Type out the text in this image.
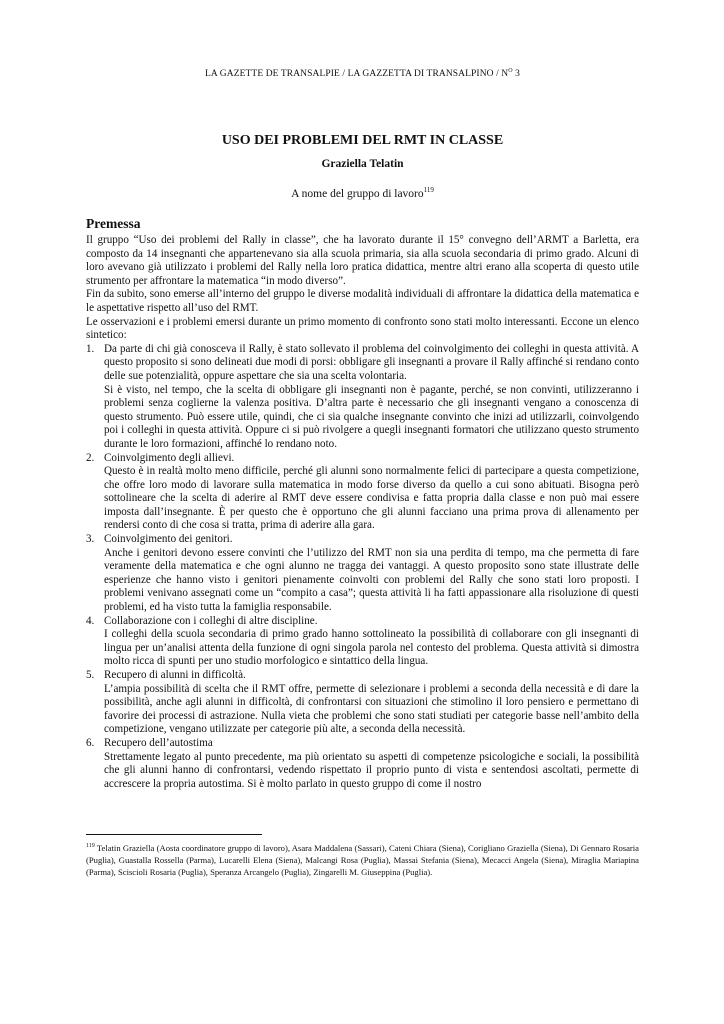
LA GAZETTE DE TRANSALPIE / LA GAZZETTA DI TRANSALPINO / $N^O$ 3
USO DEI PROBLEMI DEL RMT IN CLASSE
Graziella Telatin
A nome del gruppo di lavoro$^{119}$
Premessa

Il gruppo “Uso dei problemi del Rally in classe”, che ha lavorato durante il 15° convegno dell’ARMT a Barletta, era composto da 14 insegnanti che appartenevano sia alla scuola primaria, sia alla scuola secondaria di primo grado. Alcuni di loro avevano già utilizzato i problemi del Rally nella loro pratica didattica, mentre altri erano alla scoperta di questo utile strumento per affrontare la matematica “in modo diverso”.

Fin da subito, sono emerse all’interno del gruppo le diverse modalità individuali di affrontare la didattica della matematica e le aspettative rispetto all’uso del RMT.

Le osservazioni e i problemi emersi durante un primo momento di confronto sono stati molto interessanti. Eccone un elenco sintetico:

1. Da parte di chi già conosceva il Rally, è stato sollevato il problema del coinvolgimento dei colleghi in questa attività. A questo proposito si sono delineati due modi di porsi: obbligare gli insegnanti a provare il Rally affinché si rendano conto delle sue potenzialità, oppure aspettare che sia una scelta volontaria.
Si è visto, nel tempo, che la scelta di obbligare gli insegnanti non è pagante, perché, se non convinti, utilizzeranno i problemi senza coglierne la valenza positiva. D’altra parte è necessario che gli insegnanti vengano a conoscenza di questo strumento. Può essere utile, quindi, che ci sia qualche insegnante convinto che inizi ad utilizzarli, coinvolgendo poi i colleghi in questa attività. Oppure ci si può rivolgere a quegli insegnanti formatori che utilizzano questo strumento durante le loro formazioni, affinché lo rendano noto.
2. Coinvolgimento degli allievi.
Questo è in realtà molto meno difficile, perché gli alunni sono normalmente felici di partecipare a questa competizione, che offre loro modo di lavorare sulla matematica in modo forse diverso da quello a cui sono abituati. Bisogna però sottolineare che la scelta di aderire al RMT deve essere condivisa e fatta propria dalla classe e non può mai essere imposta dall’insegnante. È per questo che è opportuno che gli alunni facciano una prima prova di allenamento per rendersi conto di che cosa si tratta, prima di aderire alla gara.
3. Coinvolgimento dei genitori.
Anche i genitori devono essere convinti che l’utilizzo del RMT non sia una perdita di tempo, ma che permetta di fare veramente della matematica e che ogni alunno ne tragga dei vantaggi. A questo proposito sono state illustrate delle esperienze che hanno visto i genitori pienamente coinvolti con problemi del Rally che sono stati loro proposti. I problemi venivano assegnati come un “compito a casa”; questa attività li ha fatti appassionare alla risoluzione di questi problemi, ed ha visto tutta la famiglia responsabile.
4. Collaborazione con i colleghi di altre discipline.
I colleghi della scuola secondaria di primo grado hanno sottolineato la possibilità di collaborare con gli insegnanti di lingua per un’analisi attenta della funzione di ogni singola parola nel contesto del problema. Questa attività si dimostra molto ricca di spunti per uno studio morfologico e sintattico della lingua.
5. Recupero di alunni in difficoltà.
L’ampia possibilità di scelta che il RMT offre, permette di selezionare i problemi a seconda della necessità e di dare la possibilità, anche agli alunni in difficoltà, di confrontarsi con situazioni che stimolino il loro pensiero e permettano di favorire dei processi di astrazione. Nulla vieta che problemi che sono stati studiati per categorie basse nell’ambito della competizione, vengano utilizzate per categorie più alte, a seconda della necessità.
6. Recupero dell’autostima
Strettamente legato al punto precedente, ma più orientato su aspetti di competenze psicologiche e sociali, la possibilità che gli alunni hanno di confrontarsi, vedendo rispettato il proprio punto di vista e sentendosi ascoltati, permette di accrescere la propria autostima. Si è molto parlato in questo gruppo di come il nostro
$^{119}$ Telatin Graziella (Aosta coordinatore gruppo di lavoro), Asara Maddalena (Sassari), Cateni Chiara (Siena), Corigliano Graziella (Siena), Di Gennaro Rosaria (Puglia), Guastalla Rossella (Parma), Lucarelli Elena (Siena), Malcangi Rosa (Puglia), Massai Stefania (Siena), Mecacci Angela (Siena), Miraglia Mariapina (Parma), Sciscioli Rosaria (Puglia), Speranza Arcangelo (Puglia), Zingarelli M. Giuseppina (Puglia).
